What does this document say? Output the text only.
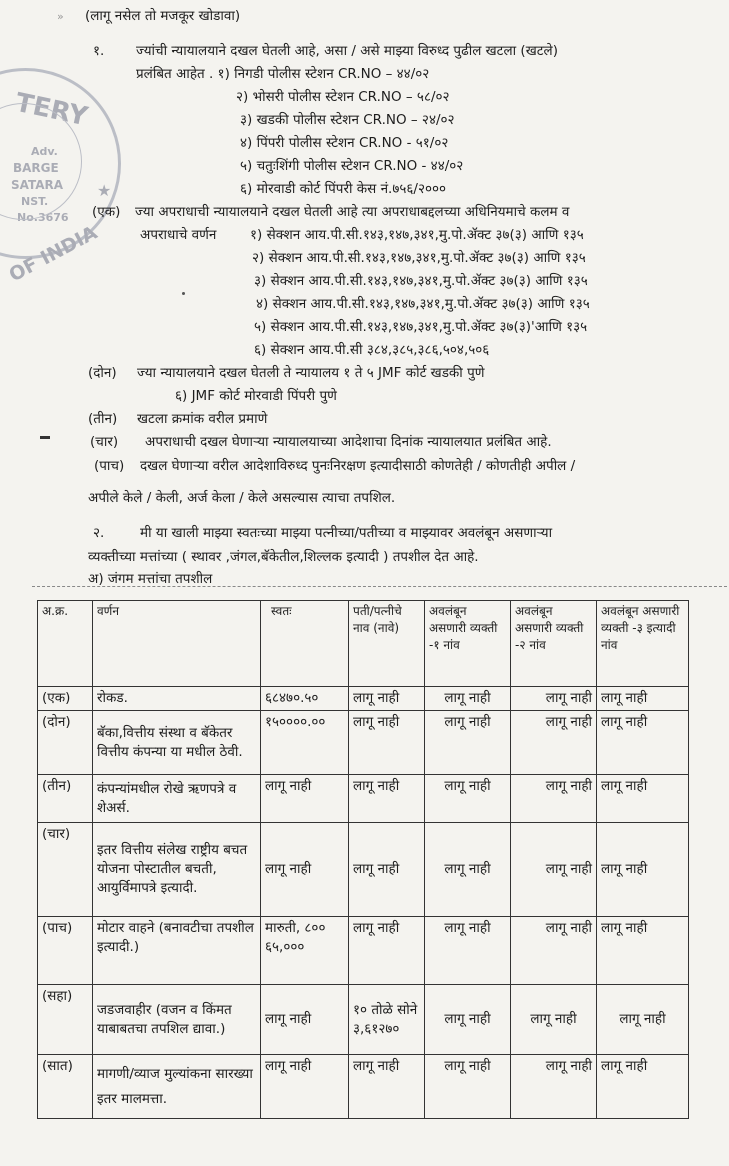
»	(लागू नसेल तो मजकूर खोडावा)
TERY
Adv.
BARGE
SATARA
NST.
No.3676
OF INDIA
★
१. ज्यांची न्यायालयाने दखल घेतली आहे, असा / असे माझ्या विरुध्द पुढील खटला (खटले)
प्रलंबित आहेत . १) निगडी पोलीस स्टेशन CR.NO – ४४/०२
२) भोसरी पोलीस स्टेशन CR.NO – ५८/०२
३) खडकी पोलीस स्टेशन CR.NO – २४/०२
४) पिंपरी पोलीस स्टेशन CR.NO - ५१/०२
५) चतुःशिंगी पोलीस स्टेशन CR.NO - ४४/०२
६) मोरवाडी कोर्ट पिंपरी केस नं.७५६/२०००
(एक) ज्या अपराधाची न्यायालयाने दखल घेतली आहे त्या अपराधाबद्दलच्या अधिनियमाचे कलम व
अपराधाचे वर्णन १) सेक्शन आय.पी.सी.१४३,१४७,३४१,मु.पो.ॲक्ट ३७(३) आणि १३५
२) सेक्शन आय.पी.सी.१४३,१४७,३४१,मु.पो.ॲक्ट ३७(३) आणि १३५
३) सेक्शन आय.पी.सी.१४३,१४७,३४१,मु.पो.ॲक्ट ३७(३) आणि १३५
४) सेक्शन आय.पी.सी.१४३,१४७,३४१,मु.पो.ॲक्ट ३७(३) आणि १३५
५) सेक्शन आय.पी.सी.१४३,१४७,३४१,मु.पो.ॲक्ट ३७(३)'आणि १३५
६) सेक्शन आय.पी.सी ३८४,३८५,३८६,५०४,५०६
(दोन) ज्या न्यायालयाने दखल घेतली ते न्यायालय १ ते ५ JMF कोर्ट खडकी पुणे
६) JMF कोर्ट मोरवाडी पिंपरी पुणे
(तीन) खटला क्रमांक वरील प्रमाणे
(चार) अपराधाची दखल घेणाऱ्या न्यायालयाच्या आदेशाचा दिनांक न्यायालयात प्रलंबित आहे.
(पाच) दखल घेणाऱ्या वरील आदेशाविरुध्द पुनःनिरक्षण इत्यादीसाठी कोणतेही / कोणतीही अपील /
अपीले केले / केली, अर्ज केला / केले असल्यास त्याचा तपशिल.
२.	मी या खाली माझ्या स्वतःच्या माझ्या पत्नीच्या/पतीच्या व माझ्यावर अवलंबून असणाऱ्या
व्यक्तीच्या मत्तांच्या ( स्थावर ,जंगल,बॅकेतील,शिल्लक इत्यादी ) तपशील देत आहे.
अ) जंगम मत्तांचा तपशील
अ.क्र.	वर्णन	स्वतः	पती/पत्नीचे नाव (नावे)	अवलंबून असणारी व्यक्ती -१ नांव	अवलंबून असणारी व्यक्ती -२ नांव	अवलंबून असणारी व्यक्ती -३ इत्यादी नांव
(एक)	रोकड.	६८४७०.५०	लागू नाही	लागू नाही	लागू नाही	लागू नाही
(दोन)	बॅका,वित्तीय संस्था व बॅकेतर वित्तीय कंपन्या या मधील ठेवी.	१५००००.००	लागू नाही	लागू नाही	लागू नाही	लागू नाही
(तीन)	कंपन्यांमधील रोखे ऋणपत्रे व शेअर्स.	लागू नाही	लागू नाही	लागू नाही	लागू नाही	लागू नाही
(चार)	इतर वित्तीय संलेख राष्ट्रीय बचत योजना पोस्टातील बचती, आयुर्विमापत्रे इत्यादी.	लागू नाही	लागू नाही	लागू नाही	लागू नाही	लागू नाही
(पाच)	मोटार वाहने (बनावटीचा तपशील इत्यादी.)	मारुती, ८०० ६५,०००	लागू नाही	लागू नाही	लागू नाही	लागू नाही
(सहा)	जडजवाहीर (वजन व किंमत याबाबतचा तपशिल द्यावा.)	लागू नाही	१० तोळे सोने ३,६१२७०	लागू नाही	लागू नाही	लागू नाही
(सात)	मागणी/व्याज मुल्यांकना सारख्या इतर मालमत्ता.	लागू नाही	लागू नाही	लागू नाही	लागू नाही	लागू नाही
